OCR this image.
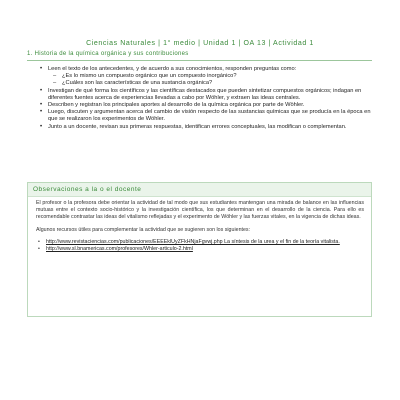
Ciencias Naturales | 1° medio | Unidad 1 | OA 13 | Actividad 1
1. Historia de la química orgánica y sus contribuciones
• Leen el texto de los antecedentes, y de acuerdo a sus conocimientos, responden preguntas como:
– ¿Es lo mismo un compuesto orgánico que un compuesto inorgánico?
– ¿Cuáles son las características de una sustancia orgánica?
• Investigan de qué forma los científicos y las científicas destacados que pueden sintetizar compuestos orgánicos; indagan en diferentes fuentes acerca de experiencias llevadas a cabo por Wöhler, y extraen las ideas centrales.
• Describen y registran los principales aportes al desarrollo de la química orgánica por parte de Wöhler.
• Luego, discuten y argumentan acerca del cambio de visión respecto de las sustancias químicas que se producía en la época en que se realizaron los experimentos de Wöhler.
• Junto a un docente, revisan sus primeras respuestas, identifican errores conceptuales, las modifican o complementan.
Observaciones a la o el docente

El profesor o la profesora debe orientar la actividad de tal modo que sus estudiantes mantengan una mirada de balance en las influencias mutuas entre el contexto socio-histórico y la investigación científica, los que determinan en el desarrollo de la ciencia. Para ello es recomendable contrastar las ideas del vitalismo reflejadas y el experimento de Wöhler y las fuerzas vitales, en la vigencia de dichas ideas.

Algunos recursos útiles para complementar la actividad que se sugieren son los siguientes:

• http://www.revistaciencias.com/publicaciones/EEEEklUyZFkHNjaFgvwj.php La síntesis de la urea y el fin de la teoría vitalista.
• http://www.sl.bnamericas.com/profesores/Whler-articulo-2.html
